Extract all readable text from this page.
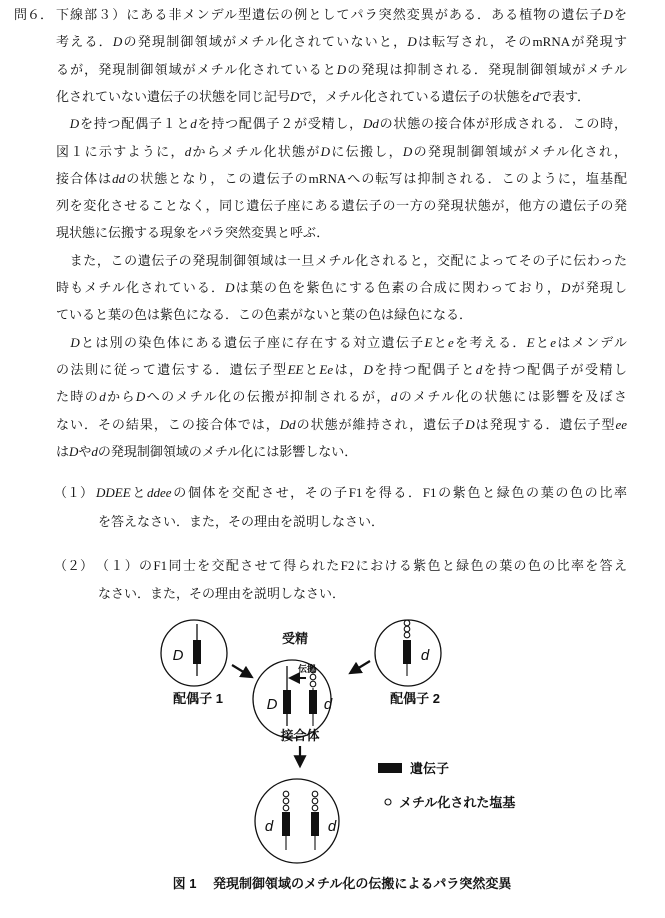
問６． 下線部３）にある非メンデル型遺伝の例としてパラ突然変異がある．ある植物の遺伝子Dを
考える．Dの発現制御領域がメチル化されていないと，Dは転写され，そのmRNAが発現す
るが，発現制御領域がメチル化されているとDの発現は抑制される．発現制御領域がメチル
化されていない遺伝子の状態を同じ記号Dで，メチル化されている遺伝子の状態をdで表す．
　Dを持つ配偶子１とdを持つ配偶子２が受精し，Ddの状態の接合体が形成される．この時，
図１に示すように，dからメチル化状態がDに伝搬し，Dの発現制御領域がメチル化され，
接合体はddの状態となり，この遺伝子のmRNAへの転写は抑制される．このように，塩基配
列を変化させることなく，同じ遺伝子座にある遺伝子の一方の発現状態が，他方の遺伝子の発
現状態に伝搬する現象をパラ突然変異と呼ぶ．
　また，この遺伝子の発現制御領域は一旦メチル化されると，交配によってその子に伝わった
時もメチル化されている．Dは葉の色を紫色にする色素の合成に関わっており，Dが発現し
ていると葉の色は紫色になる．この色素がないと葉の色は緑色になる．
　Dとは別の染色体にある遺伝子座に存在する対立遺伝子Eとeを考える．Eとeはメンデル
の法則に従って遺伝する．遺伝子型EEとEeは，Dを持つ配偶子とdを持つ配偶子が受精し
た時のdからDへのメチル化の伝搬が抑制されるが，dのメチル化の状態には影響を及ぼさ
ない．その結果，この接合体では，Ddの状態が維持され，遺伝子Dは発現する．遺伝子型ee
はDやdの発現制御領域のメチル化には影響しない．
（１） DDEEとddeeの個体を交配させ，その子F1を得る．F1の紫色と緑色の葉の色の比率
を答えなさい．また，その理由を説明しなさい．
（２） （１）のF1同士を交配させて得られたF2における紫色と緑色の葉の色の比率を答え
なさい．また，その理由を説明しなさい．
D	d
D	d
伝搬
d	d
受精
配偶子 1	配偶子 2
接合体
遺伝子
メチル化された塩基
図 1　 発現制御領域のメチル化の伝搬によるパラ突然変異
